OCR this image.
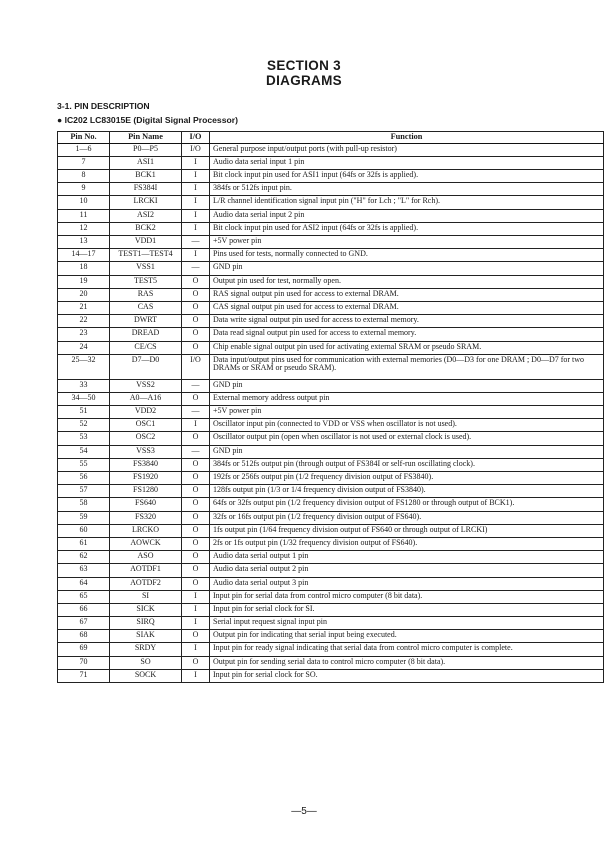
SECTION 3
DIAGRAMS
3-1. PIN DESCRIPTION
● IC202 LC83015E (Digital Signal Processor)
Pin No.	Pin Name	I/O	Function
1—6	P0—P5	I/O	General purpose input/output ports (with pull-up resistor)
7	ASI1	I	Audio data serial input 1 pin
8	BCK1	I	Bit clock input pin used for ASI1 input (64fs or 32fs is applied).
9	FS384I	I	384fs or 512fs input pin.
10	LRCKI	I	L/R channel identification signal input pin ("H" for Lch ; "L" for Rch).
11	ASI2	I	Audio data serial input 2 pin
12	BCK2	I	Bit clock input pin used for ASI2 input (64fs or 32fs is applied).
13	VDD1	—	+5V power pin
14—17	TEST1—TEST4	I	Pins used for tests, normally connected to GND.
18	VSS1	—	GND pin
19	TEST5	O	Output pin used for test, normally open.
20	$\overline{RAS}$	O	RAS signal output pin used for access to external DRAM.
21	$\overline{CAS}$	O	CAS signal output pin used for access to external DRAM.
22	DWRT	O	Data write signal output pin used for access to external memory.
23	DREAD	O	Data read signal output pin used for access to external memory.
24	CE/CS	O	Chip enable signal output pin used for activating external SRAM or pseudo SRAM.
25—32	D7—D0	I/O	Data input/output pins used for communication with external memories (D0—D3 for one DRAM ; D0—D7 for two DRAMs or SRAM or pseudo SRAM).
33	VSS2	—	GND pin
34—50	A0—A16	O	External memory address output pin
51	VDD2	—	+5V power pin
52	OSC1	I	Oscillator input pin (connected to VDD or VSS when oscillator is not used).
53	OSC2	O	Oscillator output pin (open when oscillator is not used or external clock is used).
54	VSS3	—	GND pin
55	FS3840	O	384fs or 512fs output pin (through output of FS384I or self-run oscillating clock).
56	FS1920	O	192fs or 256fs output pin (1/2 frequency division output of FS3840).
57	FS1280	O	128fs output pin (1/3 or 1/4 frequency division output of FS3840).
58	FS640	O	64fs or 32fs output pin (1/2 frequency division output of FS1280 or through output of BCK1).
59	FS320	O	32fs or 16fs output pin (1/2 frequency division output of FS640).
60	LRCKO	O	1fs output pin (1/64 frequency division output of FS640 or through output of LRCKI)
61	AOWCK	O	2fs or 1fs output pin (1/32 frequency division output of FS640).
62	ASO	O	Audio data serial output 1 pin
63	AOTDF1	O	Audio data serial output 2 pin
64	AOTDF2	O	Audio data serial output 3 pin
65	SI	I	Input pin for serial data from control micro computer (8 bit data).
66	SICK	I	Input pin for serial clock for SI.
67	SIRQ	I	Serial input request signal input pin
68	SIAK	O	Output pin for indicating that serial input being executed.
69	SRDY	I	Input pin for ready signal indicating that serial data from control micro computer is complete.
70	SO	O	Output pin for sending serial data to control micro computer (8 bit data).
71	SOCK	I	Input pin for serial clock for SO.
—5—
